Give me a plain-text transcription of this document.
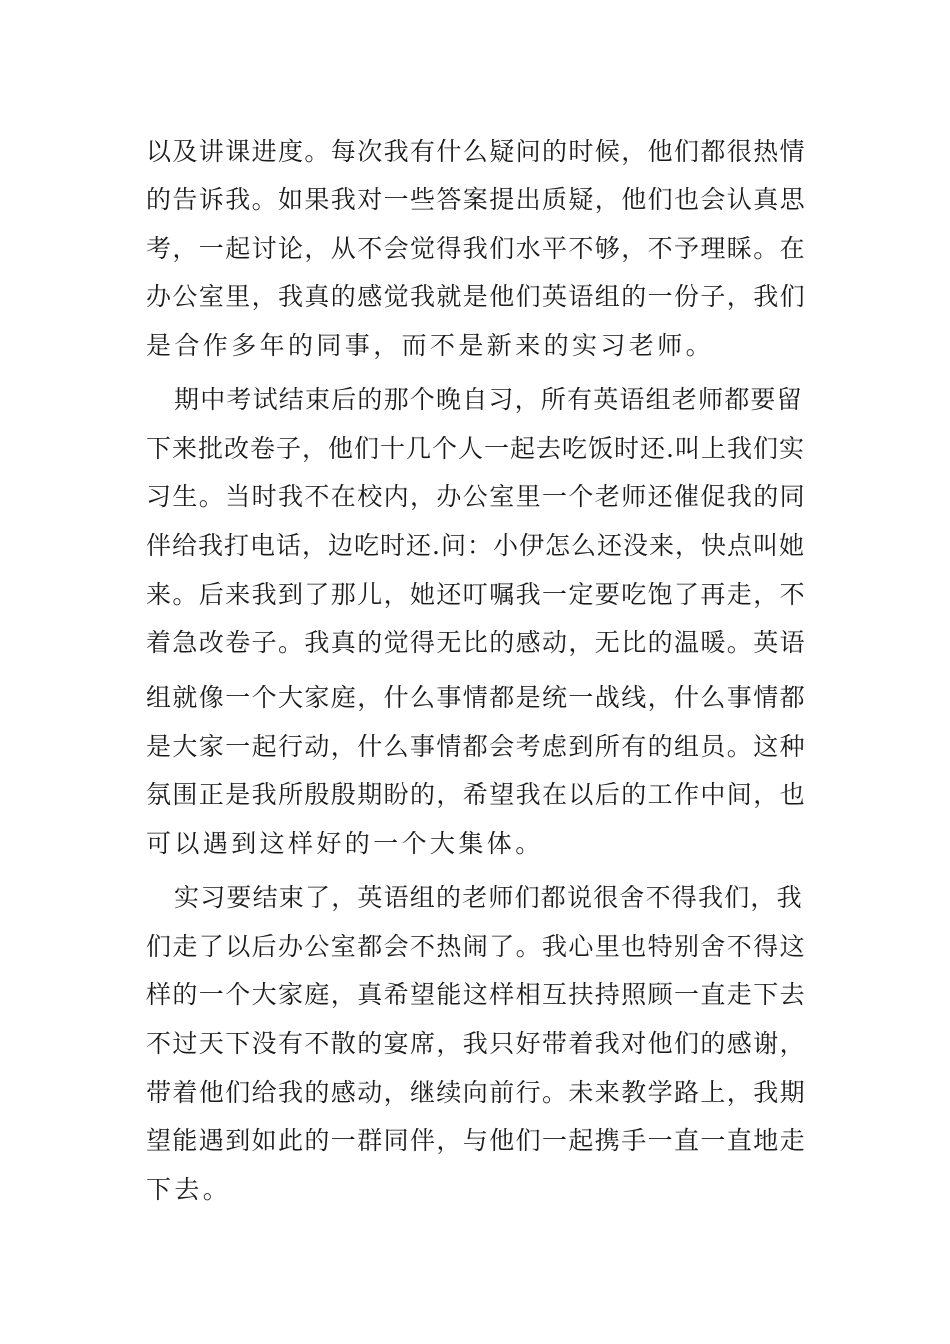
以及讲课进度。每次我有什么疑问的时候，他们都很热情
的告诉我。如果我对一些答案提出质疑，他们也会认真思
考，一起讨论，从不会觉得我们水平不够，不予理睬。在
办公室里，我真的感觉我就是他们英语组的一份子，我们
是合作多年的同事，而不是新来的实习老师。
期中考试结束后的那个晚自习，所有英语组老师都要留
下来批改卷子，他们十几个人一起去吃饭时还.叫上我们实
习生。当时我不在校内，办公室里一个老师还催促我的同
伴给我打电话，边吃时还.问：小伊怎么还没来，快点叫她
来。后来我到了那儿，她还叮嘱我一定要吃饱了再走，不
着急改卷子。我真的觉得无比的感动，无比的温暖。英语
组就像一个大家庭，什么事情都是统一战线，什么事情都
是大家一起行动，什么事情都会考虑到所有的组员。这种
氛围正是我所殷殷期盼的，希望我在以后的工作中间，也
可以遇到这样好的一个大集体。
实习要结束了，英语组的老师们都说很舍不得我们，我
们走了以后办公室都会不热闹了。我心里也特别舍不得这
样的一个大家庭，真希望能这样相互扶持照顾一直走下去
不过天下没有不散的宴席，我只好带着我对他们的感谢，
带着他们给我的感动，继续向前行。未来教学路上，我期
望能遇到如此的一群同伴，与他们一起携手一直一直地走
下去。
